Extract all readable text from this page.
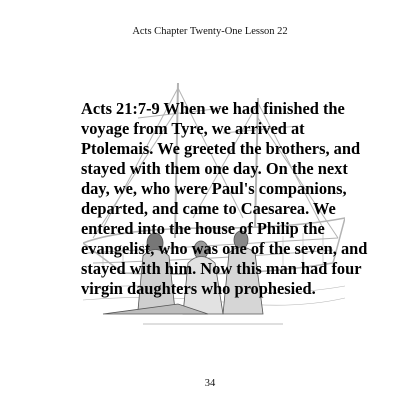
Acts Chapter Twenty-One Lesson 22
Acts 21:7-9 When we had finished the voyage from Tyre, we arrived at Ptolemais. We greeted the brothers, and stayed with them one day. On the next day, we, who were Paul's companions, departed, and came to Caesarea. We entered into the house of Philip the evangelist, who was one of the seven, and stayed with him. Now this man had four virgin daughters who prophesied.
34
